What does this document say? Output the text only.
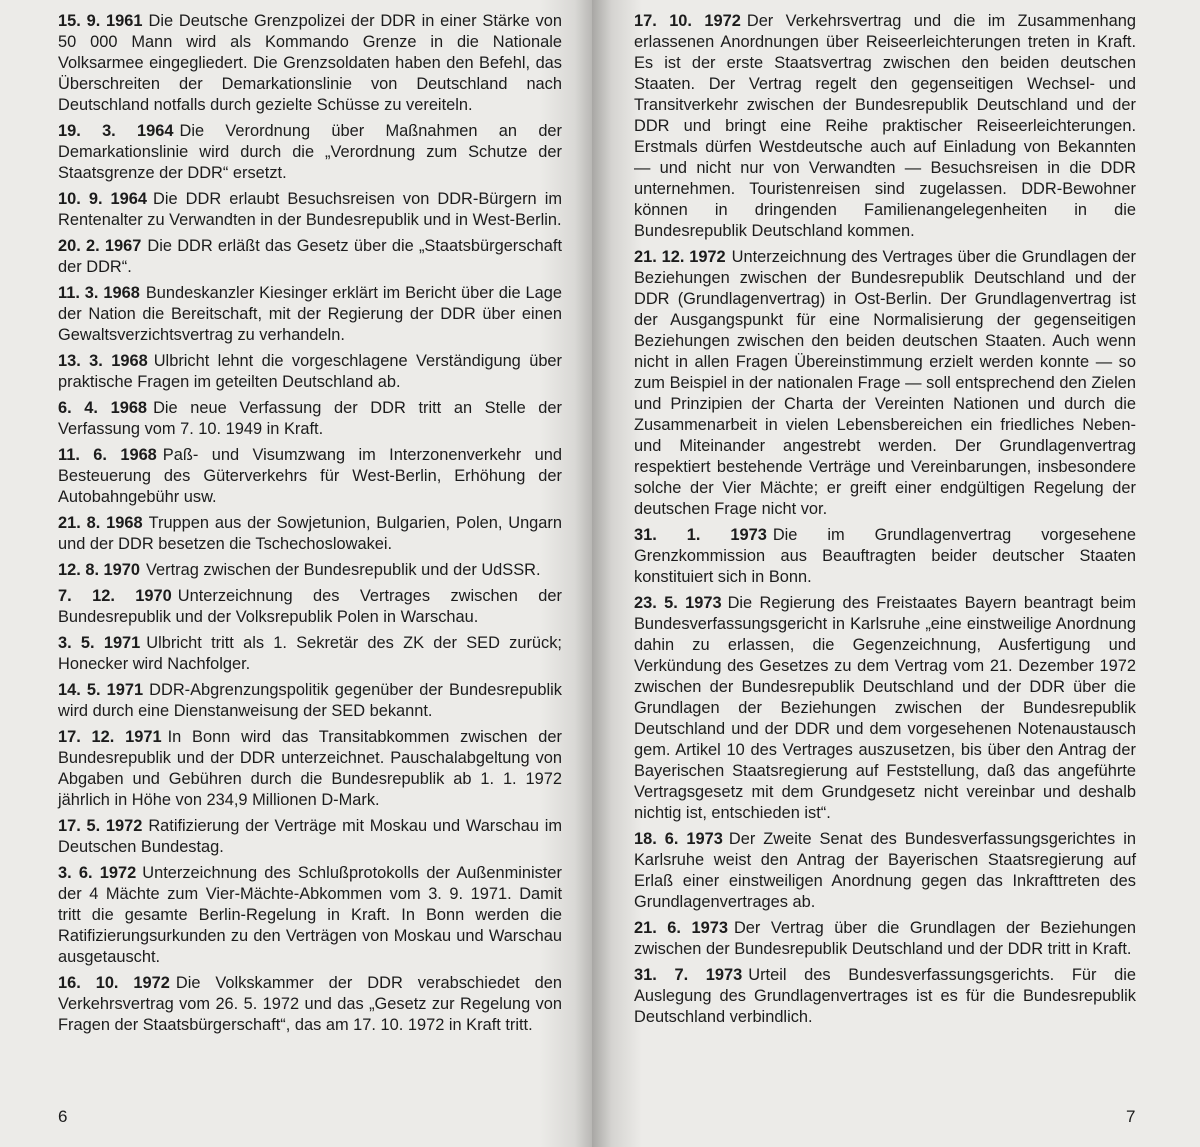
15. 9. 1961 Die Deutsche Grenzpolizei der DDR in einer Stärke von 50 000 Mann wird als Kommando Grenze in die Nationale Volksarmee eingegliedert. Die Grenzsoldaten haben den Befehl, das Überschreiten der Demarkationslinie von Deutschland nach Deutschland notfalls durch gezielte Schüsse zu vereiteln.

19. 3. 1964 Die Verordnung über Maßnahmen an der Demarkationslinie wird durch die „Verordnung zum Schutze der Staatsgrenze der DDR“ ersetzt.

10. 9. 1964 Die DDR erlaubt Besuchsreisen von DDR-Bürgern im Rentenalter zu Verwandten in der Bundesrepublik und in West-Berlin.

20. 2. 1967 Die DDR erläßt das Gesetz über die „Staatsbürgerschaft der DDR“.

11. 3. 1968 Bundeskanzler Kiesinger erklärt im Bericht über die Lage der Nation die Bereitschaft, mit der Regierung der DDR über einen Gewaltsverzichtsvertrag zu verhandeln.

13. 3. 1968 Ulbricht lehnt die vorgeschlagene Verständigung über praktische Fragen im geteilten Deutschland ab.

6. 4. 1968 Die neue Verfassung der DDR tritt an Stelle der Verfassung vom 7. 10. 1949 in Kraft.

11. 6. 1968 Paß- und Visumzwang im Interzonenverkehr und Besteuerung des Güterverkehrs für West-Berlin, Erhöhung der Autobahngebühr usw.

21. 8. 1968 Truppen aus der Sowjetunion, Bulgarien, Polen, Ungarn und der DDR besetzen die Tschechoslowakei.

12. 8. 1970 Vertrag zwischen der Bundesrepublik und der UdSSR.

7. 12. 1970 Unterzeichnung des Vertrages zwischen der Bundesrepublik und der Volksrepublik Polen in Warschau.

3. 5. 1971 Ulbricht tritt als 1. Sekretär des ZK der SED zurück; Honecker wird Nachfolger.

14. 5. 1971 DDR-Abgrenzungspolitik gegenüber der Bundesrepublik wird durch eine Dienstanweisung der SED bekannt.

17. 12. 1971 In Bonn wird das Transitabkommen zwischen der Bundesrepublik und der DDR unterzeichnet. Pauschalabgeltung von Abgaben und Gebühren durch die Bundesrepublik ab 1. 1. 1972 jährlich in Höhe von 234,9 Millionen D-Mark.

17. 5. 1972 Ratifizierung der Verträge mit Moskau und Warschau im Deutschen Bundestag.

3. 6. 1972 Unterzeichnung des Schlußprotokolls der Außenminister der 4 Mächte zum Vier-Mächte-Abkommen vom 3. 9. 1971. Damit tritt die gesamte Berlin-Regelung in Kraft. In Bonn werden die Ratifizierungsurkunden zu den Verträgen von Moskau und Warschau ausgetauscht.

16. 10. 1972 Die Volkskammer der DDR verabschiedet den Verkehrsvertrag vom 26. 5. 1972 und das „Gesetz zur Regelung von Fragen der Staatsbürgerschaft“, das am 17. 10. 1972 in Kraft tritt.

6

17. 10. 1972 Der Verkehrsvertrag und die im Zusammenhang erlassenen Anordnungen über Reiseerleichterungen treten in Kraft. Es ist der erste Staatsvertrag zwischen den beiden deutschen Staaten. Der Vertrag regelt den gegenseitigen Wechsel- und Transitverkehr zwischen der Bundesrepublik Deutschland und der DDR und bringt eine Reihe praktischer Reiseerleichterungen. Erstmals dürfen Westdeutsche auch auf Einladung von Bekannten — und nicht nur von Verwandten — Besuchsreisen in die DDR unternehmen. Touristenreisen sind zugelassen. DDR-Bewohner können in dringenden Familienangelegenheiten in die Bundesrepublik Deutschland kommen.

21. 12. 1972 Unterzeichnung des Vertrages über die Grundlagen der Beziehungen zwischen der Bundesrepublik Deutschland und der DDR (Grundlagenvertrag) in Ost-Berlin. Der Grundlagenvertrag ist der Ausgangspunkt für eine Normalisierung der gegenseitigen Beziehungen zwischen den beiden deutschen Staaten. Auch wenn nicht in allen Fragen Übereinstimmung erzielt werden konnte — so zum Beispiel in der nationalen Frage — soll entsprechend den Zielen und Prinzipien der Charta der Vereinten Nationen und durch die Zusammenarbeit in vielen Lebensbereichen ein friedliches Neben- und Miteinander angestrebt werden. Der Grundlagenvertrag respektiert bestehende Verträge und Vereinbarungen, insbesondere solche der Vier Mächte; er greift einer endgültigen Regelung der deutschen Frage nicht vor.

31. 1. 1973 Die im Grundlagenvertrag vorgesehene Grenzkommission aus Beauftragten beider deutscher Staaten konstituiert sich in Bonn.

23. 5. 1973 Die Regierung des Freistaates Bayern beantragt beim Bundesverfassungsgericht in Karlsruhe „eine einstweilige Anordnung dahin zu erlassen, die Gegenzeichnung, Ausfertigung und Verkündung des Gesetzes zu dem Vertrag vom 21. Dezember 1972 zwischen der Bundesrepublik Deutschland und der DDR über die Grundlagen der Beziehungen zwischen der Bundesrepublik Deutschland und der DDR und dem vorgesehenen Notenaustausch gem. Artikel 10 des Vertrages auszusetzen, bis über den Antrag der Bayerischen Staatsregierung auf Feststellung, daß das angeführte Vertragsgesetz mit dem Grundgesetz nicht vereinbar und deshalb nichtig ist, entschieden ist“.

18. 6. 1973 Der Zweite Senat des Bundesverfassungsgerichtes in Karlsruhe weist den Antrag der Bayerischen Staatsregierung auf Erlaß einer einstweiligen Anordnung gegen das Inkrafttreten des Grundlagenvertrages ab.

21. 6. 1973 Der Vertrag über die Grundlagen der Beziehungen zwischen der Bundesrepublik Deutschland und der DDR tritt in Kraft.

31. 7. 1973 Urteil des Bundesverfassungsgerichts. Für die Auslegung des Grundlagenvertrages ist es für die Bundesrepublik Deutschland verbindlich.

7
